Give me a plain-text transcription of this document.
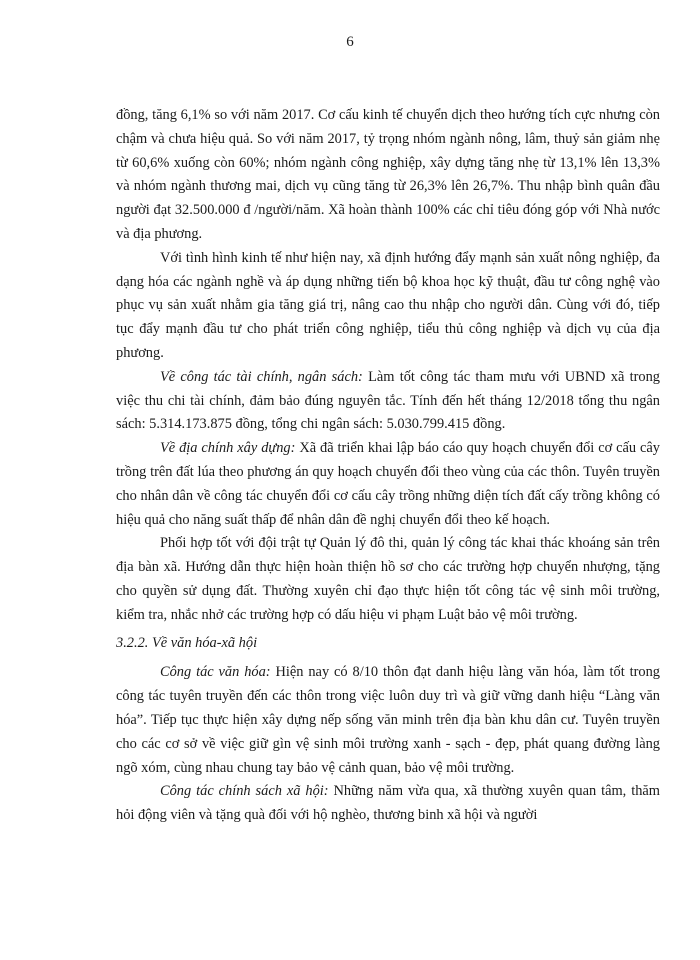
6

đồng, tăng 6,1% so với năm 2017. Cơ cấu kinh tế chuyển dịch theo hướng tích cực nhưng còn chậm và chưa hiệu quả. So với năm 2017, tỷ trọng nhóm ngành nông, lâm, thuỷ sản giảm nhẹ từ 60,6% xuống còn 60%; nhóm ngành công nghiệp, xây dựng tăng nhẹ từ 13,1% lên 13,3% và nhóm ngành thương mai, dịch vụ cũng tăng từ 26,3% lên 26,7%. Thu nhập bình quân đầu người đạt 32.500.000 đ /người/năm. Xã hoàn thành 100% các chỉ tiêu đóng góp với Nhà nước và địa phương.

Với tình hình kinh tế như hiện nay, xã định hướng đẩy mạnh sản xuất nông nghiệp, đa dạng hóa các ngành nghề và áp dụng những tiến bộ khoa học kỹ thuật, đầu tư công nghệ vào phục vụ sản xuất nhằm gia tăng giá trị, nâng cao thu nhập cho người dân. Cùng với đó, tiếp tục đẩy mạnh đầu tư cho phát triển công nghiệp, tiểu thủ công nghiệp và dịch vụ của địa phương.

Về công tác tài chính, ngân sách: Làm tốt công tác tham mưu với UBND xã trong việc thu chi tài chính, đảm bảo đúng nguyên tắc. Tính đến hết tháng 12/2018 tổng thu ngân sách: 5.314.173.875 đồng, tổng chi ngân sách: 5.030.799.415 đồng.

Về địa chính xây dựng: Xã đã triển khai lập báo cáo quy hoạch chuyển đổi cơ cấu cây trồng trên đất lúa theo phương án quy hoạch chuyển đổi theo vùng của các thôn. Tuyên truyền cho nhân dân về công tác chuyển đổi cơ cấu cây trồng những diện tích đất cấy trồng không có hiệu quả cho năng suất thấp để nhân dân đề nghị chuyển đổi theo kế hoạch.

Phối hợp tốt với đội trật tự Quản lý đô thi, quản lý công tác khai thác khoáng sản trên địa bàn xã. Hướng dẫn thực hiện hoàn thiện hồ sơ cho các trường hợp chuyển nhượng, tặng cho quyền sử dụng đất. Thường xuyên chỉ đạo thực hiện tốt công tác vệ sinh môi trường, kiểm tra, nhắc nhở các trường hợp có dấu hiệu vi phạm Luật bảo vệ môi trường.

3.2.2. Về văn hóa-xã hội

Công tác văn hóa: Hiện nay có 8/10 thôn đạt danh hiệu làng văn hóa, làm tốt trong công tác tuyên truyền đến các thôn trong việc luôn duy trì và giữ vững danh hiệu “Làng văn hóa”. Tiếp tục thực hiện xây dựng nếp sống văn minh trên địa bàn khu dân cư. Tuyên truyền cho các cơ sở về việc giữ gìn vệ sinh môi trường xanh - sạch - đẹp, phát quang đường làng ngõ xóm, cùng nhau chung tay bảo vệ cảnh quan, bảo vệ môi trường.

Công tác chính sách xã hội: Những năm vừa qua, xã thường xuyên quan tâm, thăm hỏi động viên và tặng quà đối với hộ nghèo, thương binh xã hội và người
